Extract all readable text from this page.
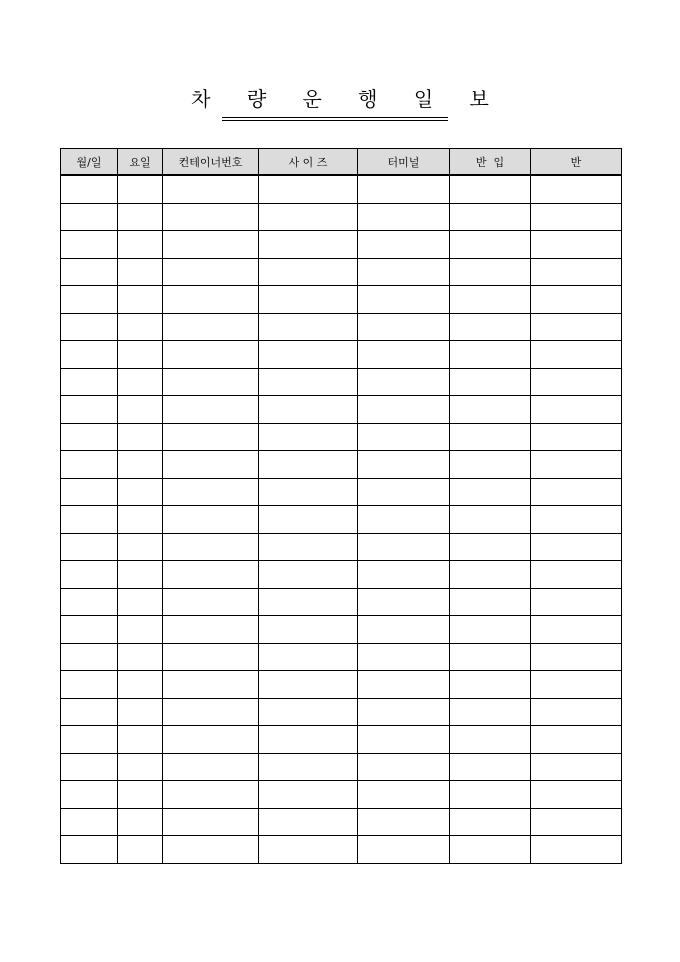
차 량 운 행 일 보
월/일	요일	컨테이너번호	사 이 즈	터미널	반  입	반
